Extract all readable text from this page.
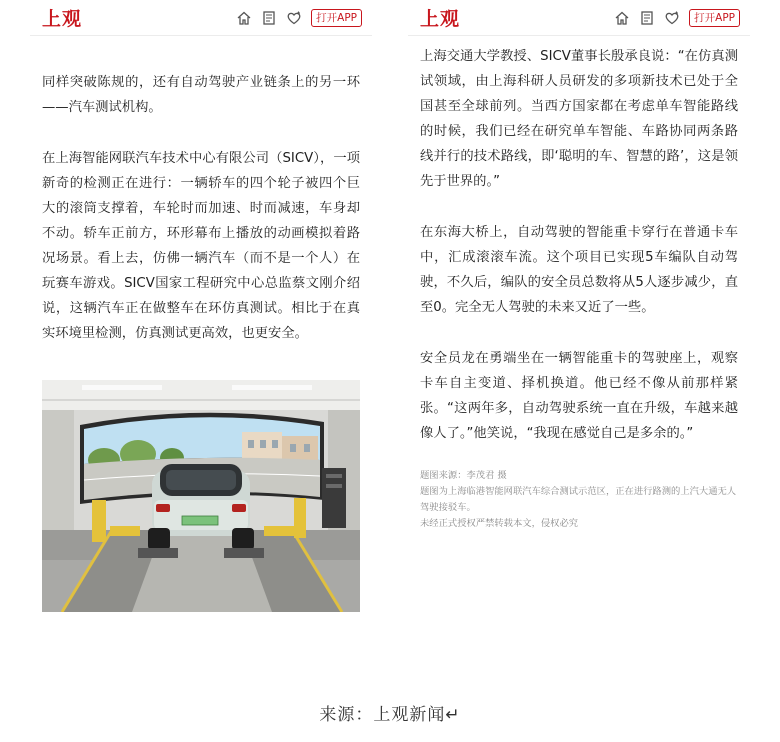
上观	打开APP

同样突破陈规的，还有自动驾驶产业链条上的另一环——汽车测试机构。

在上海智能网联汽车技术中心有限公司（SICV），一项新奇的检测正在进行：一辆轿车的四个轮子被四个巨大的滚筒支撑着，车轮时而加速、时而减速，车身却不动。轿车正前方，环形幕布上播放的动画模拟着路况场景。看上去，仿佛一辆汽车（而不是一个人）在玩赛车游戏。SICV国家工程研究中心总监蔡文刚介绍说，这辆汽车正在做整车在环仿真测试。相比于在真实环境里检测，仿真测试更高效，也更安全。

上观	打开APP

上海交通大学教授、SICV董事长殷承良说：“在仿真测试领域，由上海科研人员研发的多项新技术已处于全国甚至全球前列。当西方国家都在考虑单车智能路线的时候，我们已经在研究单车智能、车路协同两条路线并行的技术路线，即‘聪明的车、智慧的路’，这是领先于世界的。”

在东海大桥上，自动驾驶的智能重卡穿行在普通卡车中，汇成滚滚车流。这个项目已实现5车编队自动驾驶，不久后，编队的安全员总数将从5人逐步减少，直至0。完全无人驾驶的未来又近了一些。

安全员龙在勇端坐在一辆智能重卡的驾驶座上，观察卡车自主变道、择机换道。他已经不像从前那样紧张。“这两年多，自动驾驶系统一直在升级，车越来越像人了。”他笑说，“我现在感觉自己是多余的。”

题图来源：李茂君 摄
题图为上海临港智能网联汽车综合测试示范区，正在进行路测的上汽大通无人驾驶接驳车。
未经正式授权严禁转载本文，侵权必究
来源：上观新闻↵
